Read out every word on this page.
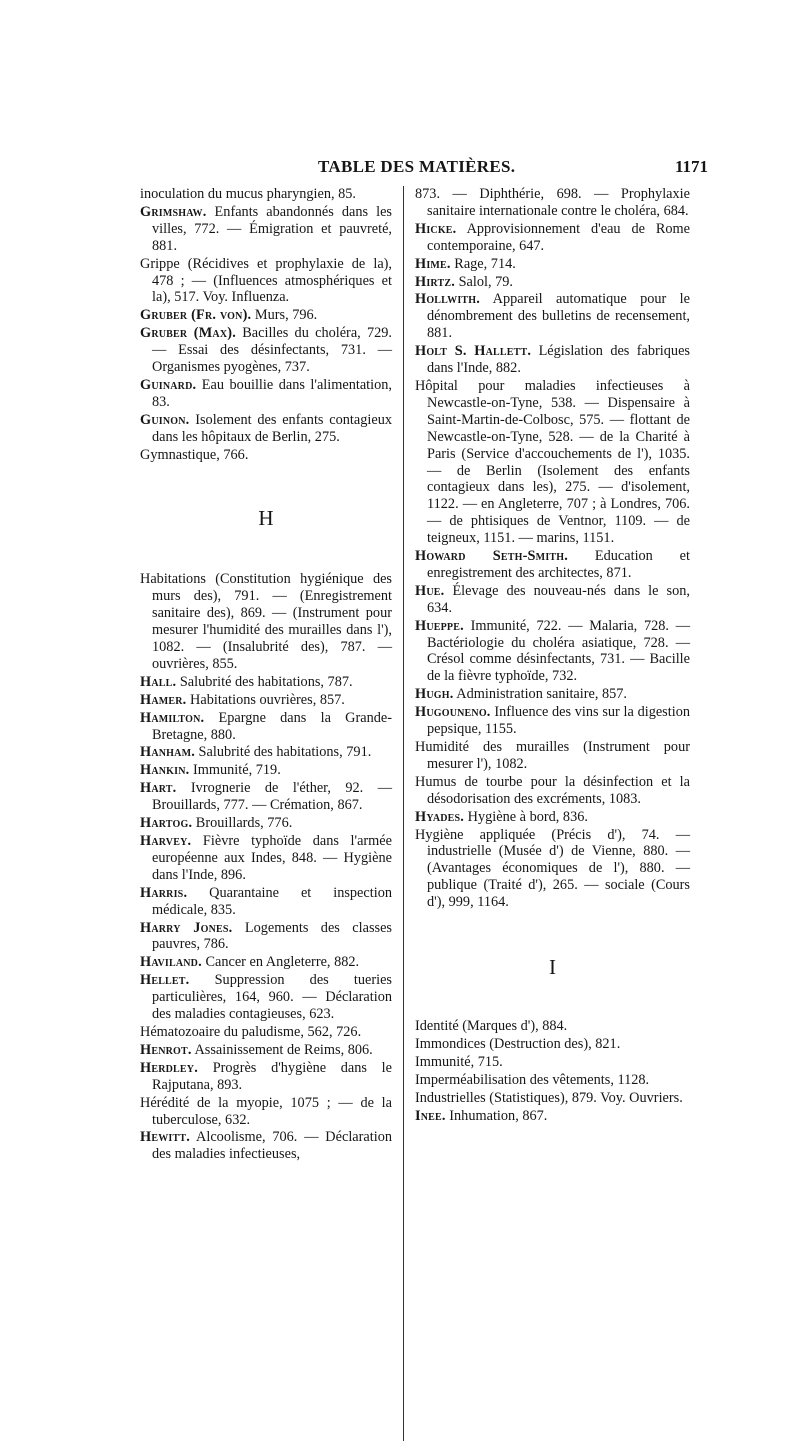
TABLE DES MATIÈRES.	1171

inoculation du mucus pharyngien, 85.

Grimshaw. Enfants abandonnés dans les villes, 772. — Émigration et pauvreté, 881.

Grippe (Récidives et prophylaxie de la), 478 ; — (Influences atmosphériques et la), 517. Voy. Influenza.

Gruber (Fr. von). Murs, 796.

Gruber (Max). Bacilles du choléra, 729. — Essai des désinfectants, 731. — Organismes pyogènes, 737.

Guinard. Eau bouillie dans l'alimentation, 83.

Guinon. Isolement des enfants contagieux dans les hôpitaux de Berlin, 275.

Gymnastique, 766.

H

Habitations (Constitution hygiénique des murs des), 791. — (Enregistrement sanitaire des), 869. — (Instrument pour mesurer l'humidité des murailles dans l'), 1082. — (Insalubrité des), 787. — ouvrières, 855.

Hall. Salubrité des habitations, 787.

Hamer. Habitations ouvrières, 857.

Hamilton. Epargne dans la Grande-Bretagne, 880.

Hanham. Salubrité des habitations, 791.

Hankin. Immunité, 719.

Hart. Ivrognerie de l'éther, 92. — Brouillards, 777. — Crémation, 867.

Hartog. Brouillards, 776.

Harvey. Fièvre typhoïde dans l'armée européenne aux Indes, 848. — Hygiène dans l'Inde, 896.

Harris. Quarantaine et inspection médicale, 835.

Harry Jones. Logements des classes pauvres, 786.

Haviland. Cancer en Angleterre, 882.

Hellet. Suppression des tueries particulières, 164, 960. — Déclaration des maladies contagieuses, 623.

Hématozoaire du paludisme, 562, 726.

Henrot. Assainissement de Reims, 806.

Herdley. Progrès d'hygiène dans le Rajputana, 893.

Hérédité de la myopie, 1075 ; — de la tuberculose, 632.

Hewitt. Alcoolisme, 706. — Déclaration des maladies infectieuses,

873. — Diphthérie, 698. — Prophylaxie sanitaire internationale contre le choléra, 684.

Hicke. Approvisionnement d'eau de Rome contemporaine, 647.

Hime. Rage, 714.

Hirtz. Salol, 79.

Hollwith. Appareil automatique pour le dénombrement des bulletins de recensement, 881.

Holt S. Hallett. Législation des fabriques dans l'Inde, 882.

Hôpital pour maladies infectieuses à Newcastle-on-Tyne, 538. — Dispensaire à Saint-Martin-de-Colbosc, 575. — flottant de Newcastle-on-Tyne, 528. — de la Charité à Paris (Service d'accouchements de l'), 1035. — de Berlin (Isolement des enfants contagieux dans les), 275. — d'isolement, 1122. — en Angleterre, 707 ; à Londres, 706. — de phtisiques de Ventnor, 1109. — de teigneux, 1151. — marins, 1151.

Howard Seth-Smith. Education et enregistrement des architectes, 871.

Hue. Élevage des nouveau-nés dans le son, 634.

Hueppe. Immunité, 722. — Malaria, 728. — Bactériologie du choléra asiatique, 728. — Crésol comme désinfectants, 731. — Bacille de la fièvre typhoïde, 732.

Hugh. Administration sanitaire, 857.

Hugouneno. Influence des vins sur la digestion pepsique, 1155.

Humidité des murailles (Instrument pour mesurer l'), 1082.

Humus de tourbe pour la désinfection et la désodorisation des excréments, 1083.

Hyades. Hygiène à bord, 836.

Hygiène appliquée (Précis d'), 74. — industrielle (Musée d') de Vienne, 880. — (Avantages économiques de l'), 880. — publique (Traité d'), 265. — sociale (Cours d'), 999, 1164.

I

Identité (Marques d'), 884.

Immondices (Destruction des), 821.

Immunité, 715.

Imperméabilisation des vêtements, 1128.

Industrielles (Statistiques), 879. Voy. Ouvriers.

Inee. Inhumation, 867.
